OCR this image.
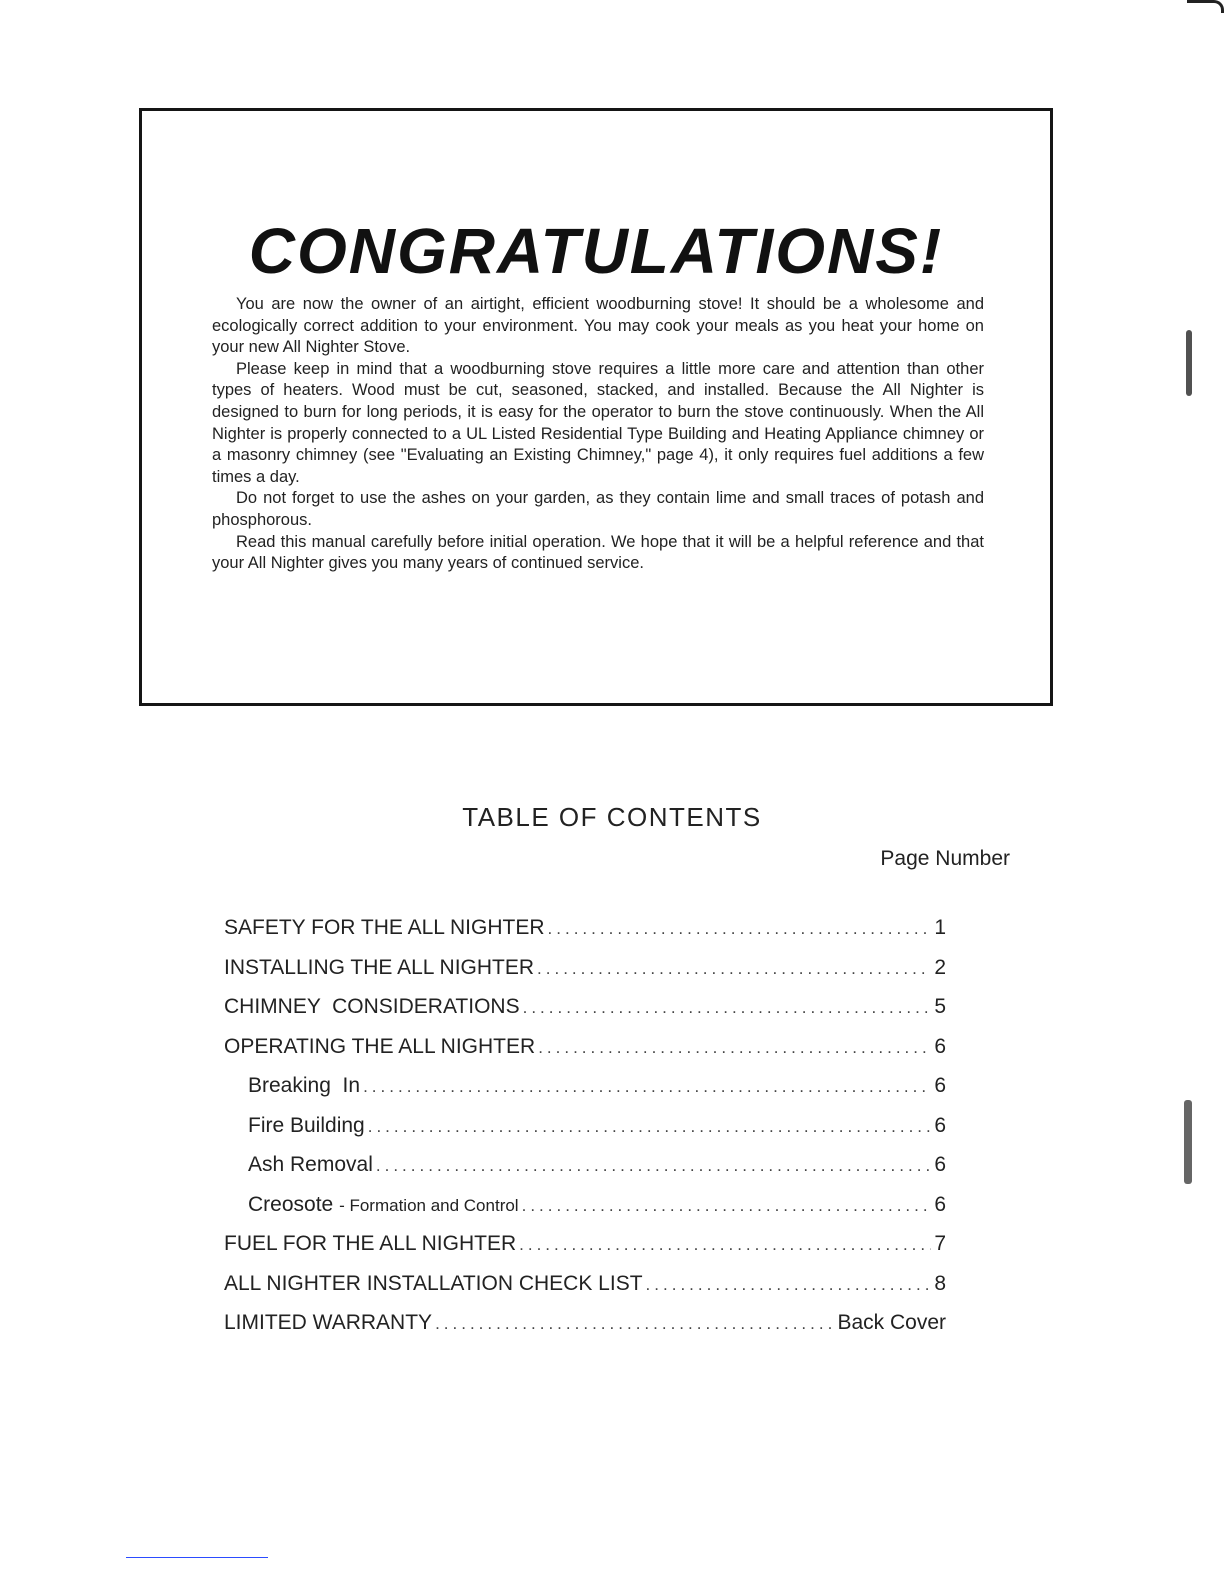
CONGRATULATIONS!

You are now the owner of an airtight, efficient woodburning stove! It should be a wholesome and ecologically correct addition to your environment. You may cook your meals as you heat your home on your new All Nighter Stove.

Please keep in mind that a woodburning stove requires a little more care and attention than other types of heaters. Wood must be cut, seasoned, stacked, and installed. Because the All Nighter is designed to burn for long periods, it is easy for the operator to burn the stove continuously. When the All Nighter is properly connected to a UL Listed Residential Type Building and Heating Appliance chimney or a masonry chimney (see "Evaluating an Existing Chimney," page 4), it only requires fuel additions a few times a day.

Do not forget to use the ashes on your garden, as they contain lime and small traces of potash and phosphorous.

Read this manual carefully before initial operation. We hope that it will be a helpful reference and that your All Nighter gives you many years of continued service.

TABLE OF CONTENTS
Page Number
SAFETY FOR THE ALL NIGHTER .....	1
INSTALLING THE ALL NIGHTER .....	2
CHIMNEY  CONSIDERATIONS .....	5
OPERATING THE ALL NIGHTER .....	6
Breaking  In .....	6
Fire Building .....	6
Ash Removal .....	6
Creosote - Formation and Control .....	6
FUEL FOR THE ALL NIGHTER .....	7
ALL NIGHTER INSTALLATION CHECK LIST .....	8
LIMITED WARRANTY .....	Back Cover
